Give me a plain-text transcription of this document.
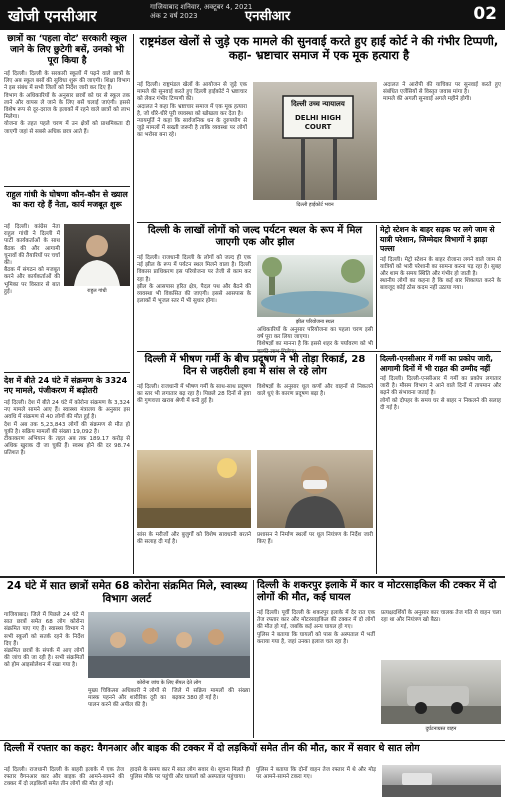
खोजी एनसीआर	गाजियाबाद शनिवार, अक्टूबर 4, 2021
अंक 2 वर्ष 2023	एनसीआर	02
छात्रों का ‘पहला वोट’ सरकारी स्कूल जाने के लिए छुटेगी बसें, उनको भी पूरा किया है

नई दिल्ली। दिल्ली के सरकारी स्कूलों में पढ़ने वाले छात्रों के लिए अब स्कूल बसों की सुविधा शुरू की जाएगी। शिक्षा विभाग ने इस संबंध में सभी जिलों को निर्देश जारी कर दिए हैं।

विभाग के अधिकारियों के अनुसार छात्रों को घर से स्कूल तक लाने और वापस ले जाने के लिए बसें चलाई जाएंगी। इससे विशेष रूप से दूर-दराज के इलाकों में रहने वाले छात्रों को लाभ मिलेगा।

योजना के तहत पहले चरण में उन क्षेत्रों को प्राथमिकता दी जाएगी जहां से सबसे अधिक छात्र आते हैं।

राहुल गांधी के घोषणा कौन-कौन से ख्याल का करा रहे हैं नेता, कार्य मजबूत शुरू

नई दिल्ली। कांग्रेस नेता राहुल गांधी ने दिल्ली में पार्टी कार्यकर्ताओं के साथ बैठक की और आगामी चुनावों की तैयारियों पर चर्चा की।

बैठक में संगठन को मजबूत करने और कार्यकर्ताओं की भूमिका पर विस्तार से बात हुई।	राहुल गांधी
देश में बीते 24 घंटे में संक्रमण के 3324 नए मामले, पंजीकरण में बढ़ोतरी

नई दिल्ली। देश में बीते 24 घंटे में कोरोना संक्रमण के 3,324 नए मामले सामने आए हैं। स्वास्थ्य मंत्रालय के अनुसार इस अवधि में संक्रमण से 40 लोगों की मौत हुई है।

देश में अब तक 5,23,843 लोगों की संक्रमण से मौत हो चुकी है। सक्रिय मामलों की संख्या 19,092 है।

टीकाकरण अभियान के तहत अब तक 189.17 करोड़ से अधिक खुराक दी जा चुकी हैं। स्वस्थ होने की दर 98.74 प्रतिशत है।

राष्ट्रमंडल खेलों से जुड़े एक मामले की सुनवाई करते हुए हाई कोर्ट ने की गंभीर टिप्पणी, कहा- भ्रष्टाचार समाज में एक मूक हत्यारा है

नई दिल्ली। राष्ट्रमंडल खेलों के आयोजन से जुड़े एक मामले की सुनवाई करते हुए दिल्ली हाईकोर्ट ने भ्रष्टाचार को लेकर गंभीर टिप्पणी की।

अदालत ने कहा कि भ्रष्टाचार समाज में एक मूक हत्यारा है, जो धीरे-धीरे पूरी व्यवस्था को खोखला कर देता है।

न्यायमूर्ति ने कहा कि सार्वजनिक धन के दुरुपयोग से जुड़े मामलों में सख्ती जरूरी है ताकि व्यवस्था पर लोगों का भरोसा बना रहे।

दिल्ली उच्च न्यायालय
DELHI HIGH COURT
दिल्ली हाईकोर्ट भवन

अदालत ने आरोपी की याचिका पर सुनवाई करते हुए संबंधित एजेंसियों से विस्तृत जवाब मांगा है।

मामले की अगली सुनवाई अगले महीने होगी।

दिल्ली के लाखों लोगों को जल्द पर्यटन स्थल के रूप में मिल जाएगी एक और झील

नई दिल्ली। राजधानी दिल्ली के लोगों को जल्द ही एक नई झील के रूप में पर्यटन स्थल मिलने वाला है। दिल्ली विकास प्राधिकरण इस परियोजना पर तेजी से काम कर रहा है।

झील के आसपास हरित क्षेत्र, पैदल पथ और बैठने की व्यवस्था भी विकसित की जाएगी। इससे आसपास के इलाकों में भूजल स्तर में भी सुधार होगा।

झील परियोजना स्थल

अधिकारियों के अनुसार परियोजना का पहला चरण इसी वर्ष पूरा कर लिया जाएगा।

विशेषज्ञों का मानना है कि इससे शहर के पर्यावरण को भी

मेट्रो स्टेशन के बाहर सड़क पर लगे जाम से यात्री परेशान, जिम्मेदार विभागों ने झाड़ा पल्ला

नई दिल्ली। मेट्रो स्टेशन के बाहर रोजाना लगने वाले जाम से यात्रियों को भारी परेशानी का सामना करना पड़ रहा है। सुबह और शाम के समय स्थिति और गंभीर हो जाती है।

स्थानीय लोगों का कहना है कि कई बार शिकायत करने के बावजूद कोई ठोस कदम नहीं उठाया गया।

दिल्ली में भीषण गर्मी के बीच प्रदूषण ने भी तोड़ा रिकार्ड, 28 दिन से जहरीली हवा में सांस ले रहे लोग

नई दिल्ली। राजधानी में भीषण गर्मी के साथ-साथ प्रदूषण का स्तर भी लगातार बढ़ रहा है। पिछले 28 दिनों से हवा की गुणवत्ता खराब श्रेणी में बनी हुई है।

विशेषज्ञों के अनुसार धूल कणों और वाहनों से निकलने वाले धुएं के कारण प्रदूषण बढ़ा है।

सांस के मरीजों और बुजुर्गों को विशेष सावधानी बरतने की सलाह दी गई है।

प्रशासन ने निर्माण स्थलों पर धूल नियंत्रण के निर्देश जारी किए हैं।

दिल्ली-एनसीआर में गर्मी का प्रकोप जारी, आगामी दिनों में भी राहत की उम्मीद नहीं

नई दिल्ली। दिल्ली-एनसीआर में गर्मी का प्रकोप लगातार जारी है। मौसम विभाग ने आने वाले दिनों में तापमान और बढ़ने की संभावना जताई है।

लोगों को दोपहर के समय घर से बाहर न निकलने की सलाह दी गई है।

24 घंटे में सात छात्रों समेत 68 कोरोना संक्रमित मिले, स्वास्थ्य विभाग अलर्ट

गाजियाबाद। जिले में पिछले 24 घंटे में सात छात्रों समेत 68 लोग कोरोना संक्रमित पाए गए हैं। स्वास्थ्य विभाग ने सभी स्कूलों को सतर्क रहने के निर्देश दिए हैं।

संक्रमित छात्रों के संपर्क में आए लोगों की जांच की जा रही है। सभी संक्रमितों को होम आइसोलेशन में रखा गया है।

कोरोना जांच के लिए सैंपल देते लोग

मुख्य चिकित्सा अधिकारी ने लोगों से मास्क पहनने और शारीरिक दूरी का पालन करने की अपील की है।

जिले में सक्रिय मामलों की संख्या बढ़कर 380 हो गई है।

दिल्ली के शकरपुर इलाके में कार व मोटरसाइकिल की टक्कर में दो लोगों की मौत, कई घायल

नई दिल्ली। पूर्वी दिल्ली के शकरपुर इलाके में देर रात एक तेज रफ्तार कार और मोटरसाइकिल की टक्कर में दो लोगों की मौत हो गई, जबकि कई अन्य घायल हो गए।

पुलिस ने बताया कि घायलों को पास के अस्पताल में भर्ती कराया गया है, जहां उनका इलाज चल रहा है।

प्रत्यक्षदर्शियों के अनुसार कार चालक तेज गति से वाहन चला रहा था और नियंत्रण खो बैठा।

दुर्घटनाग्रस्त वाहन
दिल्ली में रफ्तार का कहर: वैगनआर और बाइक की टक्कर में दो लड़कियों समेत तीन की मौत, कार में सवार थे सात लोग

नई दिल्ली। राजधानी दिल्ली के बाहरी इलाके में एक तेज रफ्तार वैगनआर कार और बाइक की आमने-सामने की टक्कर में दो लड़कियों समेत तीन लोगों की मौत हो गई।

हादसे के समय कार में सात लोग सवार थे। सूचना मिलते ही पुलिस मौके पर पहुंची और घायलों को अस्पताल पहुंचाया।

पुलिस ने बताया कि दोनों वाहन तेज रफ्तार में थे और मोड़ पर आमने-सामने टकरा गए।
